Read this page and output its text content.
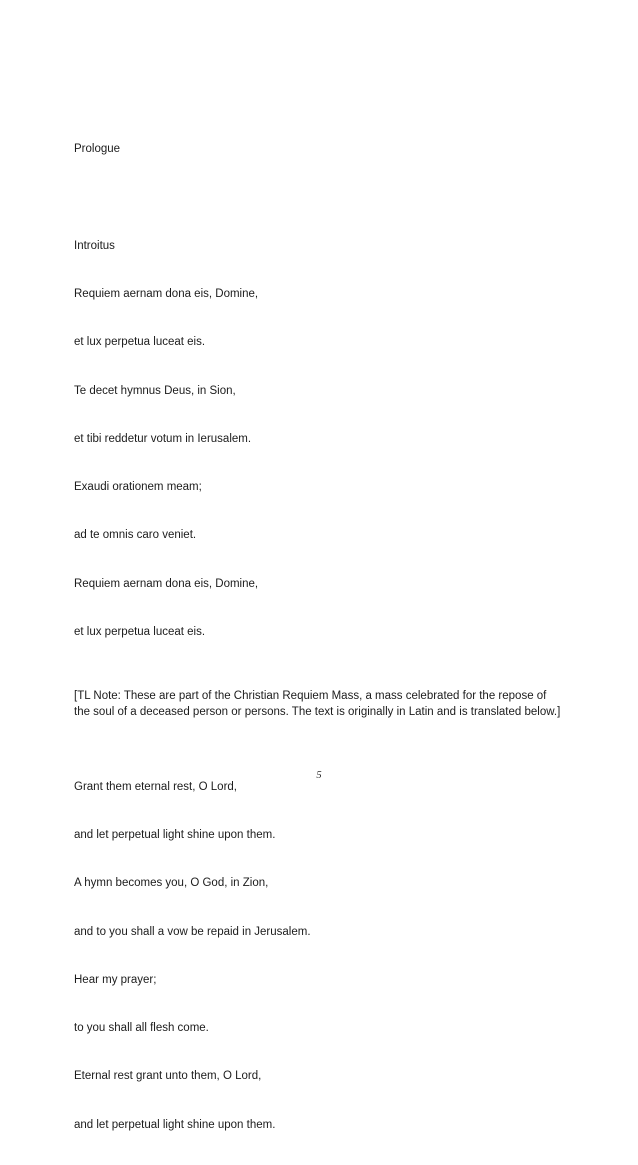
Prologue

Introitus

Requiem aernam dona eis, Domine,

et lux perpetua luceat eis.

Te decet hymnus Deus, in Sion,

et tibi reddetur votum in Ierusalem.

Exaudi orationem meam;

ad te omnis caro veniet.

Requiem aernam dona eis, Domine,

et lux perpetua luceat eis.

[TL Note: These are part of the Christian Requiem Mass, a mass celebrated for the repose of the soul of a deceased person or persons. The text is originally in Latin and is translated below.]

Grant them eternal rest, O Lord,

and let perpetual light shine upon them.

A hymn becomes you, O God, in Zion,

and to you shall a vow be repaid in Jerusalem.

Hear my prayer;

to you shall all flesh come.

Eternal rest grant unto them, O Lord,

and let perpetual light shine upon them.

5
